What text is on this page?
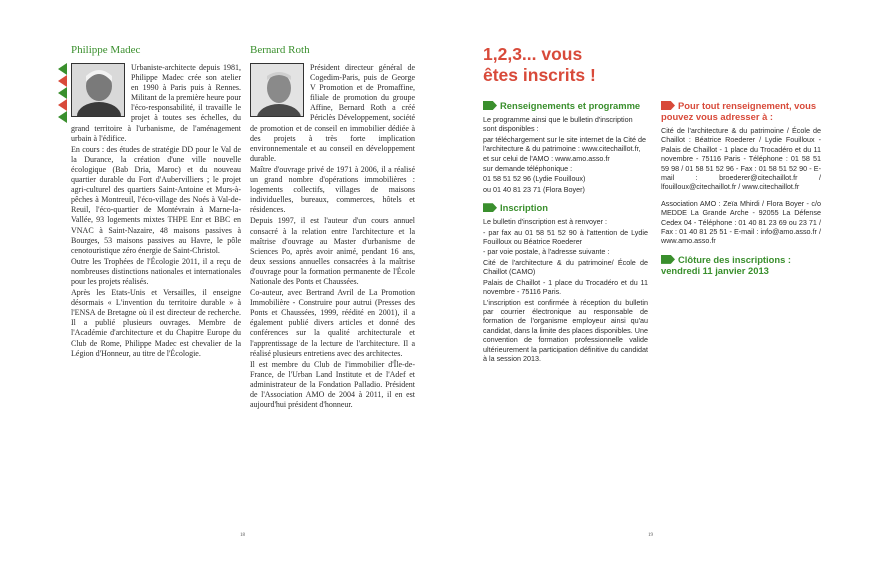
Philippe Madec

Urbaniste-architecte depuis 1981, Philippe Madec crée son atelier en 1990 à Paris puis à Rennes. Militant de la première heure pour l'éco-responsabilité, il travaille le projet à toutes ses échelles, du grand territoire à l'urbanisme, de l'aménagement urbain à l'édifice.

En cours : des études de stratégie DD pour le Val de la Durance, la création d'une ville nouvelle écologique (Bab Dria, Maroc) et du nouveau quartier durable du Fort d'Aubervilliers ; le projet agri-culturel des quartiers Saint-Antoine et Murs-à-pêches à Montreuil, l'éco-village des Noés à Val-de-Reuil, l'éco-quartier de Montévrain à Marne-la-Vallée, 93 logements mixtes THPE Enr et BBC en VNAC à Saint-Nazaire, 48 maisons passives à Bourges, 53 maisons passives au Havre, le pôle cenotouristique zéro énergie de Saint-Christol.

Outre les Trophées de l'Écologie 2011, il a reçu de nombreuses distinctions nationales et internationales pour les projets réalisés.

Après les Etats-Unis et Versailles, il enseigne désormais « L'invention du territoire durable » à l'ENSA de Bretagne où il est directeur de recherche. Il a publié plusieurs ouvrages. Membre de l'Académie d'architecture et du Chapitre Europe du Club de Rome, Philippe Madec est chevalier de la Légion d'Honneur, au titre de l'Écologie.

Bernard Roth

Président directeur général de Cogedim-Paris, puis de George V Promotion et de Promaffine, filiale de promotion du groupe Affine, Bernard Roth a créé Périclès Développement, société de promotion et de conseil en immobilier dédiée à des projets à très forte implication environnementale et au conseil en développement durable.

Maître d'ouvrage privé de 1971 à 2006, il a réalisé un grand nombre d'opérations immobilières : logements collectifs, villages de maisons individuelles, bureaux, commerces, hôtels et résidences.

Depuis 1997, il est l'auteur d'un cours annuel consacré à la relation entre l'architecture et la maîtrise d'ouvrage au Master d'urbanisme de Sciences Po, après avoir animé, pendant 16 ans, deux sessions annuelles consacrées à la maîtrise d'ouvrage pour la formation permanente de l'École Nationale des Ponts et Chaussées.

Co-auteur, avec Bertrand Avril de La Promotion Immobilière - Construire pour autrui (Presses des Ponts et Chaussées, 1999, réédité en 2001), il a également publié divers articles et donné des conférences sur la qualité architecturale et l'apprentissage de la lecture de l'architecture. Il a réalisé plusieurs entretiens avec des architectes.

Il est membre du Club de l'immobilier d'Île-de-France, de l'Urban Land Institute et de l'Adef et administrateur de la Fondation Palladio. Président de l'Association AMO de 2004 à 2011, il en est aujourd'hui président d'honneur.

18
1,2,3... vous
êtes inscrits !
Renseignements et programme

Le programme ainsi que le bulletin d'inscription sont disponibles :

par téléchargement sur le site internet de la Cité de l'architecture & du patrimoine : www.citechaillot.fr, et sur celui de l'AMO : www.amo.asso.fr

sur demande téléphonique :

01 58 51 52 96 (Lydie Fouilloux)

ou 01 40 81 23 71 (Flora Boyer)

Inscription

Le bulletin d'inscription est à renvoyer :

- par fax au 01 58 51 52 90 à l'attention de Lydie Fouilloux ou Béatrice Roederer

- par voie postale, à l'adresse suivante :

Cité de l'architecture & du patrimoine/ École de Chaillot (CAMO)

Palais de Chaillot - 1 place du Trocadéro et du 11 novembre - 75116 Paris.

L'inscription est confirmée à réception du bulletin par courrier électronique au responsable de formation de l'organisme employeur ainsi qu'au candidat, dans la limite des places disponibles. Une convention de formation professionnelle valide ultérieurement la participation définitive du candidat à la session 2013.

Pour tout renseignement, vous pouvez vous adresser à :

Cité de l'architecture & du patrimoine / École de Chaillot : Béatrice Roederer / Lydie Fouilloux - Palais de Chaillot - 1 place du Trocadéro et du 11 novembre - 75116 Paris - Téléphone : 01 58 51 59 98 / 01 58 51 52 96 - Fax : 01 58 51 52 90 - E-mail : broederer@citechaillot.fr / lfouilloux@citechaillot.fr / www.citechaillot.fr

Association AMO : Zeïa Mhirdi / Flora Boyer - c/o MEDDE La Grande Arche - 92055 La Défense Cedex 04 - Téléphone : 01 40 81 23 69 ou 23 71 / Fax : 01 40 81 25 51 - E-mail : info@amo.asso.fr / www.amo.asso.fr

Clôture des inscriptions :
vendredi 11 janvier 2013
19
